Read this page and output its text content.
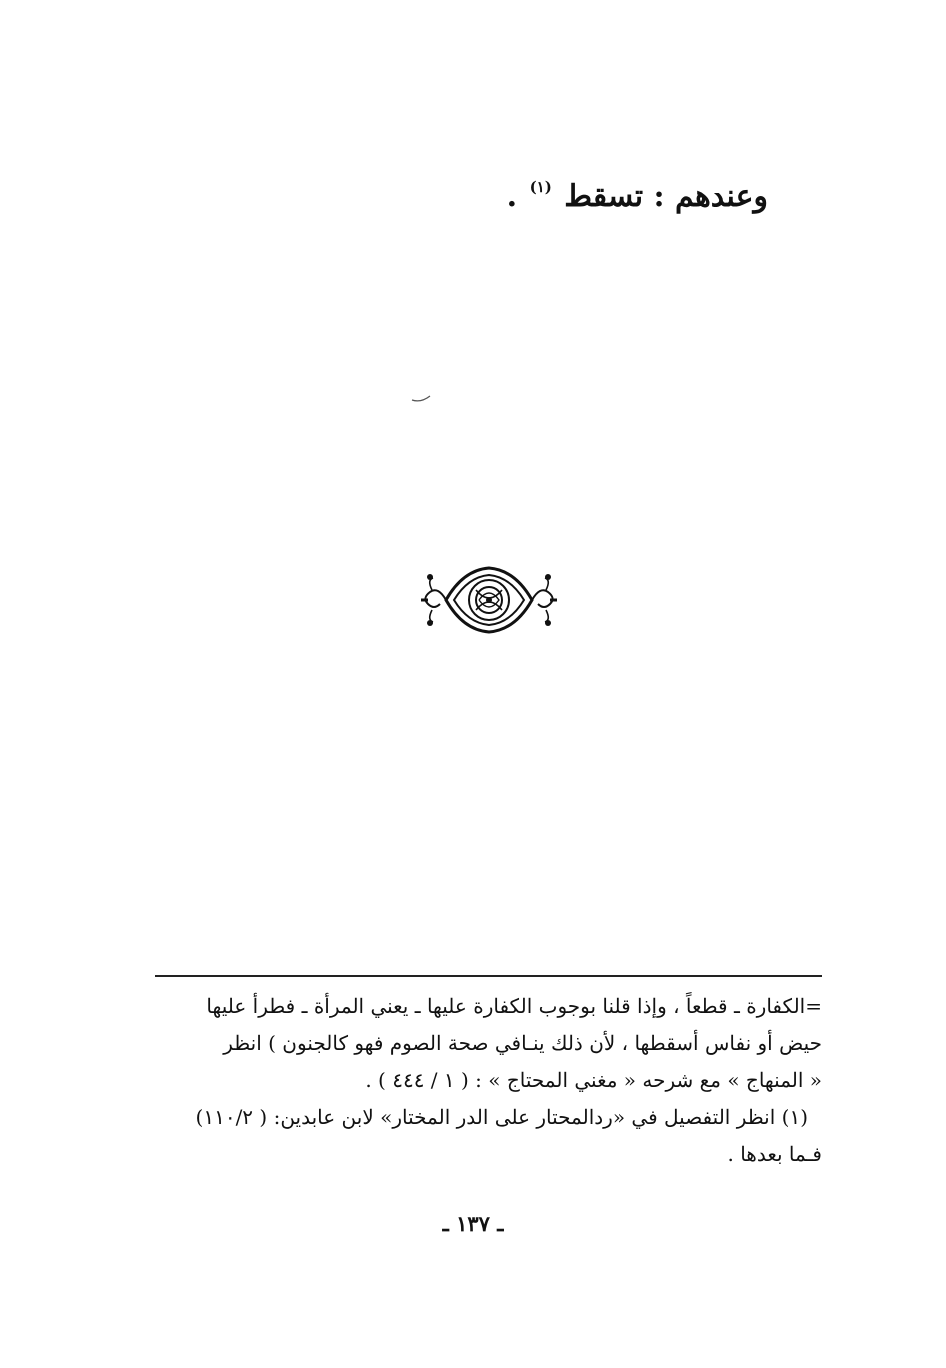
وعندهم : تسقط $^{(١)}$ .
=الكفارة ـ قطعاً ، وإذا قلنا بوجوب الكفارة عليها ـ يعني المرأة ـ فطرأ عليها
حيض أو نفاس أسقطها ، لأن ذلك ينـافي صحة الصوم فهو كالجنون ) انظر
« المنهاج » مع شرحه « مغني المحتاج » : ( ١ / ٤٤٤ ) .
(١) انظر التفصيل في «ردالمحتار على الدر المختار» لابن عابدين: ( ١١٠/٢)
فـما بعدها .
ـ ١٣٧ ـ
